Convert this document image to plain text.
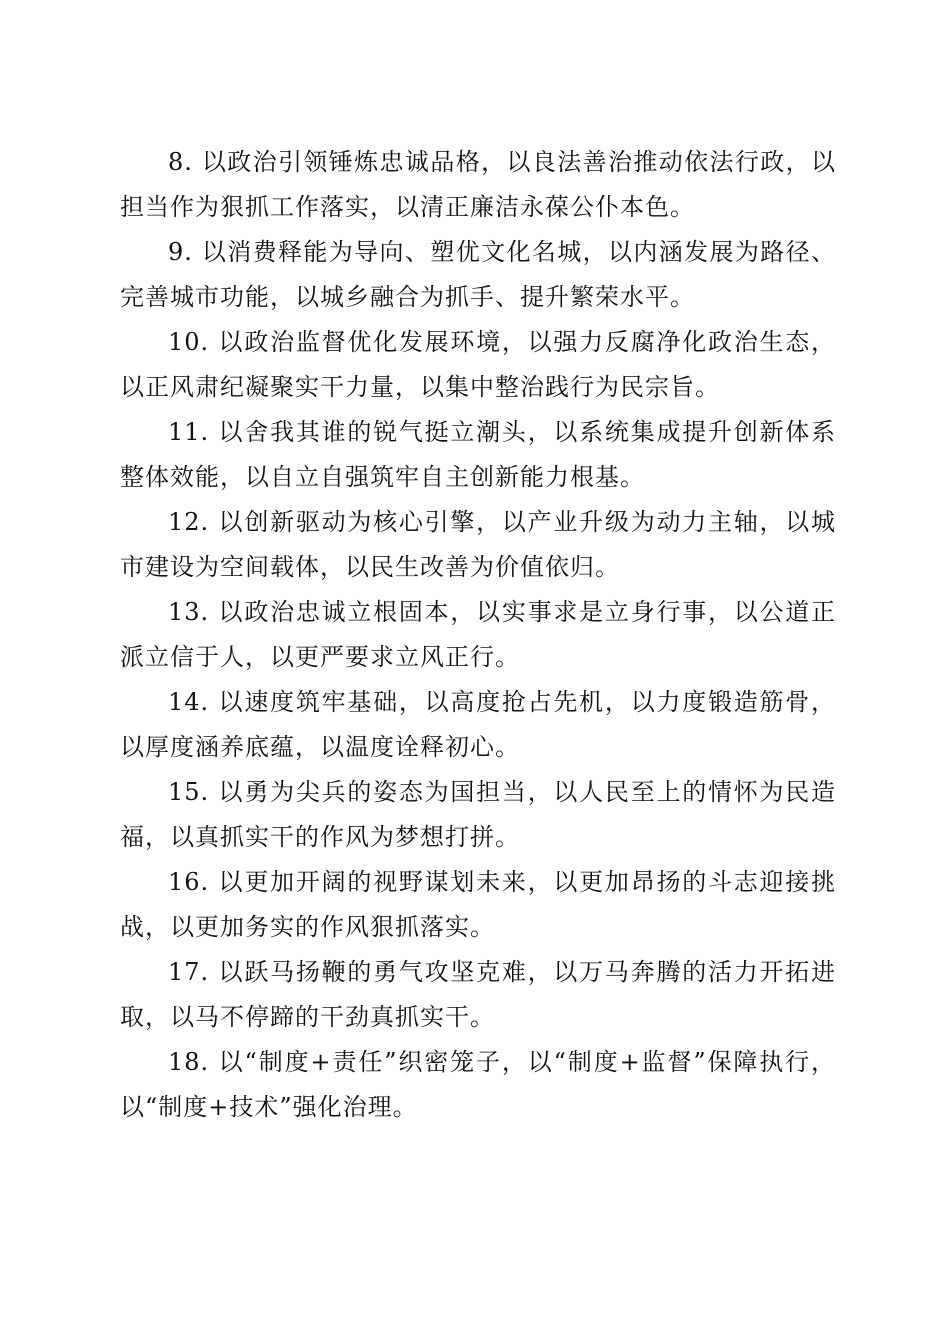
8. 以政治引领锤炼忠诚品格，以良法善治推动依法行政，以担当作为狠抓工作落实，以清正廉洁永葆公仆本色。

9. 以消费释能为导向、塑优文化名城，以内涵发展为路径、完善城市功能，以城乡融合为抓手、提升繁荣水平。

10. 以政治监督优化发展环境，以强力反腐净化政治生态，以正风肃纪凝聚实干力量，以集中整治践行为民宗旨。

11. 以舍我其谁的锐气挺立潮头，以系统集成提升创新体系整体效能，以自立自强筑牢自主创新能力根基。

12. 以创新驱动为核心引擎，以产业升级为动力主轴，以城市建设为空间载体，以民生改善为价值依归。

13. 以政治忠诚立根固本，以实事求是立身行事，以公道正派立信于人，以更严要求立风正行。

14. 以速度筑牢基础，以高度抢占先机，以力度锻造筋骨，以厚度涵养底蕴，以温度诠释初心。

15. 以勇为尖兵的姿态为国担当，以人民至上的情怀为民造福，以真抓实干的作风为梦想打拼。

16. 以更加开阔的视野谋划未来，以更加昂扬的斗志迎接挑战，以更加务实的作风狠抓落实。

17. 以跃马扬鞭的勇气攻坚克难，以万马奔腾的活力开拓进取，以马不停蹄的干劲真抓实干。

18. 以“制度+责任”织密笼子，以“制度+监督”保障执行，以“制度+技术”强化治理。
